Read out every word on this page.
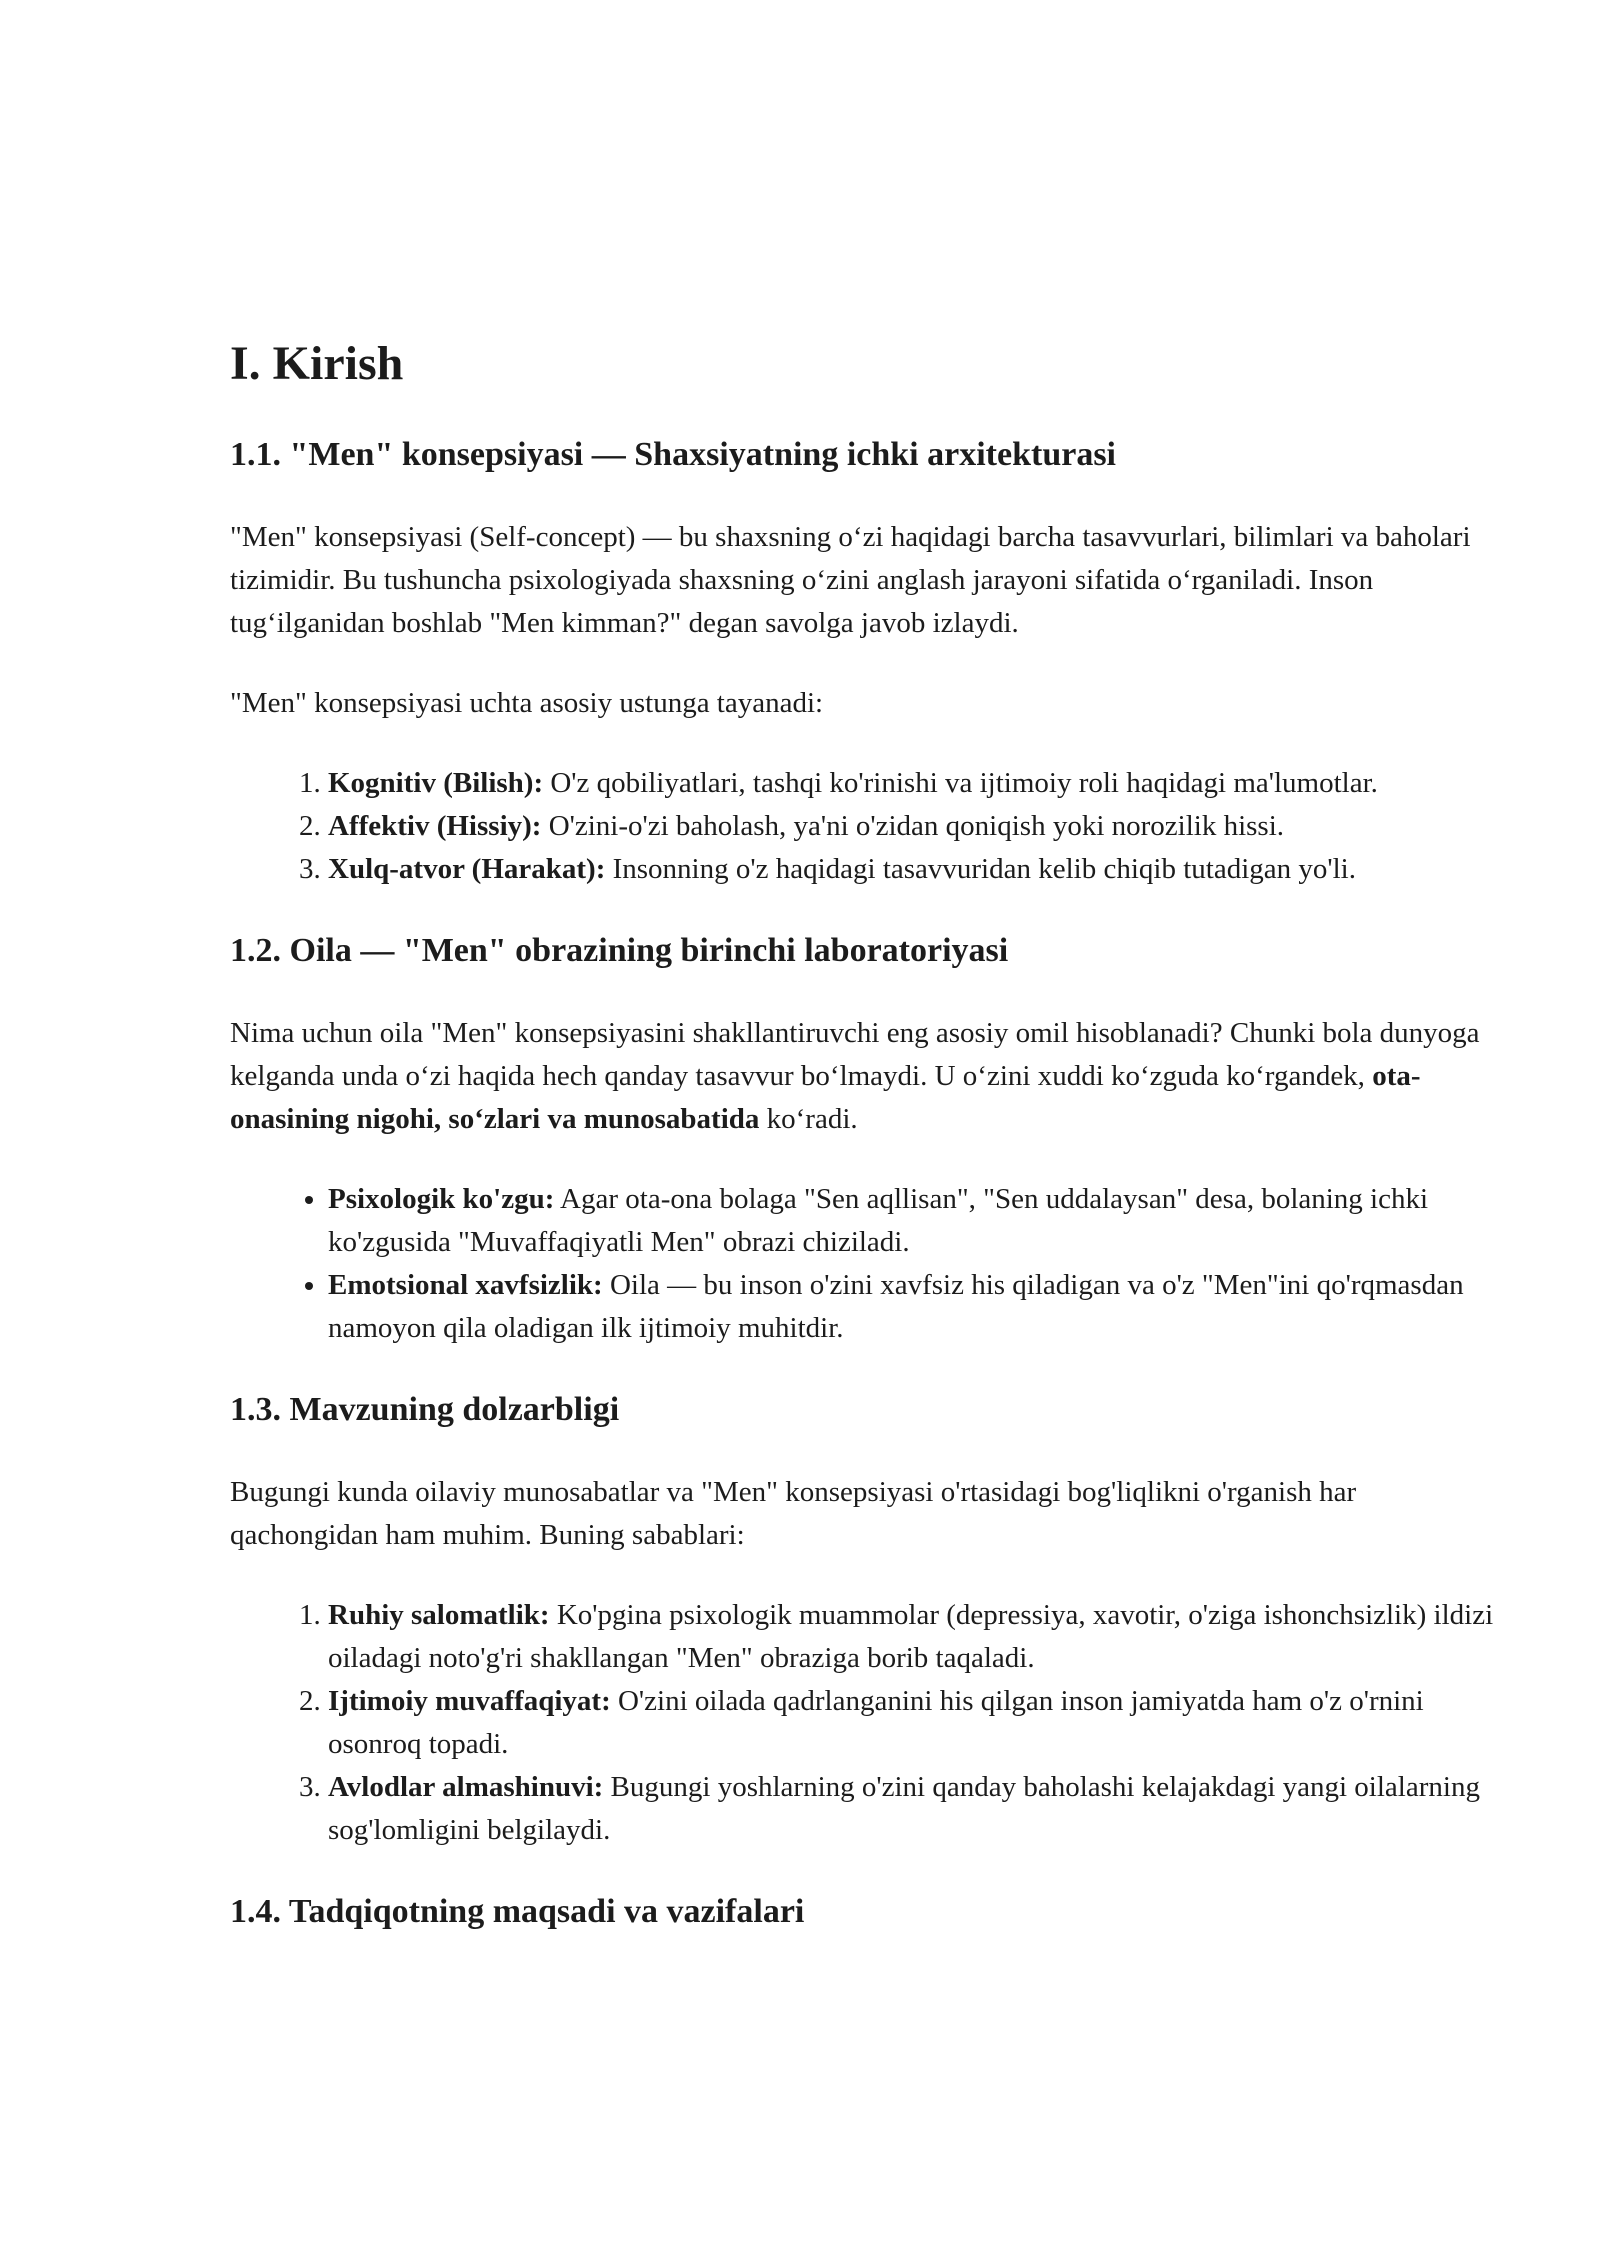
I. Kirish
1.1. "Men" konsepsiyasi — Shaxsiyatning ichki arxitekturasi

"Men" konsepsiyasi (Self-concept) — bu shaxsning oʻzi haqidagi barcha tasavvurlari, bilimlari va baholari tizimidir. Bu tushuncha psixologiyada shaxsning oʻzini anglash jarayoni sifatida oʻrganiladi. Inson tugʻilganidan boshlab "Men kimman?" degan savolga javob izlaydi.

"Men" konsepsiyasi uchta asosiy ustunga tayanadi:

1. Kognitiv (Bilish): O'z qobiliyatlari, tashqi ko'rinishi va ijtimoiy roli haqidagi ma'lumotlar.
2. Affektiv (Hissiy): O'zini-o'zi baholash, ya'ni o'zidan qoniqish yoki norozilik hissi.
3. Xulq-atvor (Harakat): Insonning o'z haqidagi tasavvuridan kelib chiqib tutadigan yo'li.
1.2. Oila — "Men" obrazining birinchi laboratoriyasi

Nima uchun oila "Men" konsepsiyasini shakllantiruvchi eng asosiy omil hisoblanadi? Chunki bola dunyoga kelganda unda oʻzi haqida hech qanday tasavvur boʻlmaydi. U oʻzini xuddi koʻzguda koʻrgandek, ota-onasining nigohi, soʻzlari va munosabatida koʻradi.

• Psixologik ko'zgu: Agar ota-ona bolaga "Sen aqllisan", "Sen uddalaysan" desa, bolaning ichki ko'zgusida "Muvaffaqiyatli Men" obrazi chiziladi.
• Emotsional xavfsizlik: Oila — bu inson o'zini xavfsiz his qiladigan va o'z "Men"ini qo'rqmasdan namoyon qila oladigan ilk ijtimoiy muhitdir.
1.3. Mavzuning dolzarbligi

Bugungi kunda oilaviy munosabatlar va "Men" konsepsiyasi o'rtasidagi bog'liqlikni o'rganish har qachongidan ham muhim. Buning sabablari:

1. Ruhiy salomatlik: Ko'pgina psixologik muammolar (depressiya, xavotir, o'ziga ishonchsizlik) ildizi oiladagi noto'g'ri shakllangan "Men" obraziga borib taqaladi.
2. Ijtimoiy muvaffaqiyat: O'zini oilada qadrlanganini his qilgan inson jamiyatda ham o'z o'rnini osonroq topadi.
3. Avlodlar almashinuvi: Bugungi yoshlarning o'zini qanday baholashi kelajakdagi yangi oilalarning sog'lomligini belgilaydi.
1.4. Tadqiqotning maqsadi va vazifalari
